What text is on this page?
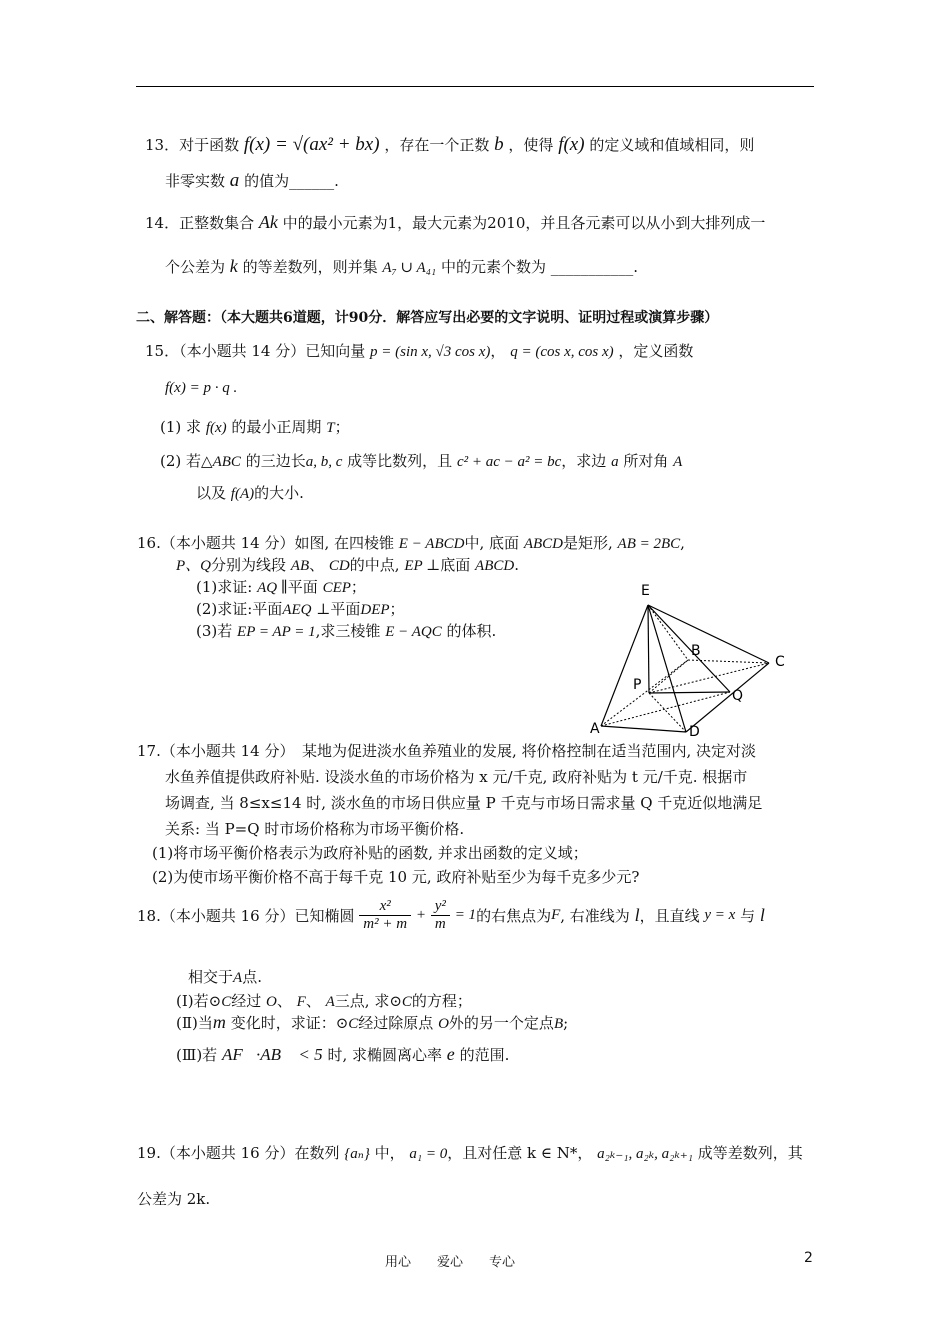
13．对于函数 f(x) = √(ax² + bx) ，存在一个正数 b ，使得 f(x) 的定义域和值域相同，则
非零实数 a 的值为______.
14．正整数集合 Ak 中的最小元素为1，最大元素为2010，并且各元素可以从小到大排列成一
个公差为 k 的等差数列，则并集 A₇ ∪ A₄₁ 中的元素个数为 ___________.
二、解答题：（本大题共6道题，计90分．解答应写出必要的文字说明、证明过程或演算步骤）
15．（本小题共 14 分）已知向量 p = (sin x, √3 cos x)， q = (cos x, cos x) ，定义函数
f(x) = p · q .
(1) 求 f(x) 的最小正周期 T；
(2) 若△ABC 的三边长a, b, c 成等比数列，且 c² + ac − a² = bc，求边 a 所对角 A
以及 f(A)的大小.
16.（本小题共 14 分）如图, 在四棱锥 E − ABCD中, 底面 ABCD是矩形, AB = 2BC,
P、Q分别为线段 AB、 CD的中点, EP ⊥底面 ABCD.
(1)求证: AQ ∥平面 CEP；
(2)求证:平面AEQ ⊥平面DEP；
(3)若 EP = AP = 1,求三棱锥 E − AQC 的体积.
E
B
C
P
Q
A	D
17.（本小题共 14 分）　某地为促进淡水鱼养殖业的发展, 将价格控制在适当范围内, 决定对淡
水鱼养值提供政府补贴. 设淡水鱼的市场价格为 x 元/千克, 政府补贴为 t 元/千克. 根据市
场调查, 当 8≤x≤14 时, 淡水鱼的市场日供应量 P 千克与市场日需求量 Q 千克近似地满足
关系: 当 P=Q 时市场价格称为市场平衡价格.
(1)将市场平衡价格表示为政府补贴的函数, 并求出函数的定义域；
(2)为使市场平衡价格不高于每千克 10 元, 政府补贴至少为每千克多少元?
18.（本小题共 16 分）已知椭圆 $\frac{\text{x²}}{\text{m² + m}} + \frac{\text{y²}}{m} = 1$的右焦点为F, 右准线为 l，且直线 y = x 与 l
相交于A点.
(Ⅰ)若⊙C经过 O、 F、 A三点, 求⊙C的方程；
(Ⅱ)当m 变化时，求证：⊙C经过除原点 O外的另一个定点B;
(Ⅲ)若 AF⃗·AB⃗ < 5 时, 求椭圆离心率 e 的范围.
19.（本小题共 16 分）在数列 {aₙ} 中， a₁ = 0，且对任意 k ∈ N*， a₂ₖ₋₁, a₂ₖ, a₂ₖ₊₁ 成等差数列，其
公差为 2k.
用心　　爱心　　专心	2
